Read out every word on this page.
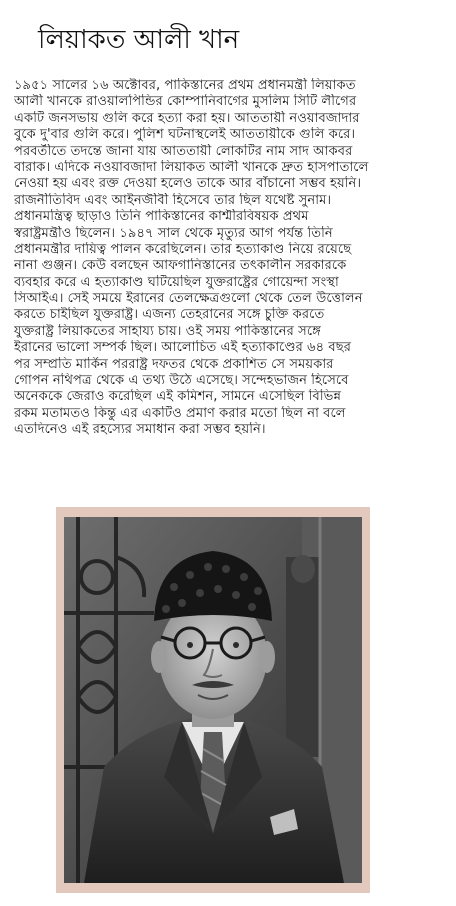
লিয়াকত আলী খান
১৯৫১ সালের ১৬ অক্টোবর, পাকিস্তানের প্রথম প্রধানমন্ত্রী লিয়াকত
আলী খানকে রাওয়ালপিন্ডির কোম্পানিবাগের মুসলিম সিটি লীগের
একটি জনসভায় গুলি করে হত্যা করা হয়। আততায়ী নওয়াবজাদার
বুকে দু'বার গুলি করে। পুলিশ ঘটনাস্থলেই আততায়ীকে গুলি করে।
পরবর্তীতে তদন্তে জানা যায় আততায়ী লোকটির নাম সাদ আকবর
বারাক। এদিকে নওয়াবজাদা লিয়াকত আলী খানকে দ্রুত হাসপাতালে
নেওয়া হয় এবং রক্ত দেওয়া হলেও তাকে আর বাঁচানো সম্ভব হয়নি।
রাজনীতিবিদ এবং আইনজীবী হিসেবে তার ছিল যথেষ্ট সুনাম।
প্রধানমন্ত্রিত্ব ছাড়াও তিনি পাকিস্তানের কাশ্মীরবিষয়ক প্রথম
স্বরাষ্ট্রমন্ত্রীও ছিলেন। ১৯৪৭ সাল থেকে মৃত্যুর আগ পর্যন্ত তিনি
প্রধানমন্ত্রীর দায়িত্ব পালন করেছিলেন। তার হত্যাকাণ্ড নিয়ে রয়েছে
নানা গুঞ্জন। কেউ বলছেন আফগানিস্তানের তৎকালীন সরকারকে
ব্যবহার করে এ হত্যাকাণ্ড ঘটিয়েছিল যুক্তরাষ্ট্রের গোয়েন্দা সংস্থা
সিআইএ। সেই সময়ে ইরানের তেলক্ষেত্রগুলো থেকে তেল উত্তোলন
করতে চাইছিল যুক্তরাষ্ট্র। এজন্য তেহরানের সঙ্গে চুক্তি করতে
যুক্তরাষ্ট্র লিয়াকতের সাহায্য চায়। ওই সময় পাকিস্তানের সঙ্গে
ইরানের ভালো সম্পর্ক ছিল। আলোচিত এই হত্যাকাণ্ডের ৬৪ বছর
পর সম্প্রতি মার্কিন পররাষ্ট্র দফতর থেকে প্রকাশিত সে সময়কার
গোপন নথিপত্র থেকে এ তথ্য উঠে এসেছে। সন্দেহভাজন হিসেবে
অনেককে জেরাও করেছিল এই কমিশন, সামনে এসেছিল বিভিন্ন
রকম মতামতও কিন্তু এর একটিও প্রমাণ করার মতো ছিল না বলে
এতদিনেও এই রহস্যের সমাধান করা সম্ভব হয়নি।
